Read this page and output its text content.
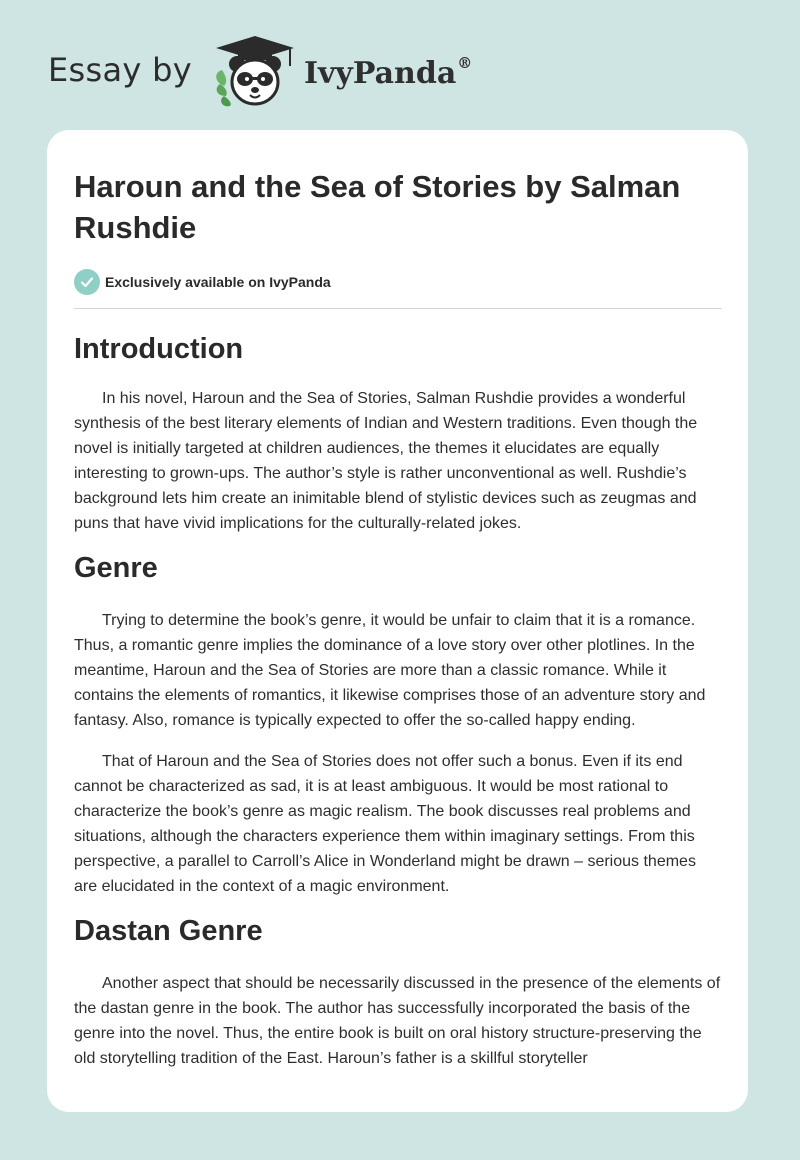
Essay by	IvyPanda®
Haroun and the Sea of Stories by Salman Rushdie
Exclusively available on IvyPanda
Introduction

In his novel, Haroun and the Sea of Stories, Salman Rushdie provides a wonderful synthesis of the best literary elements of Indian and Western traditions. Even though the novel is initially targeted at children audiences, the themes it elucidates are equally interesting to grown-ups. The author’s style is rather unconventional as well. Rushdie’s background lets him create an inimitable blend of stylistic devices such as zeugmas and puns that have vivid implications for the culturally-related jokes.

Genre

Trying to determine the book’s genre, it would be unfair to claim that it is a romance. Thus, a romantic genre implies the dominance of a love story over other plotlines. In the meantime, Haroun and the Sea of Stories are more than a classic romance. While it contains the elements of romantics, it likewise comprises those of an adventure story and fantasy. Also, romance is typically expected to offer the so-called happy ending.

That of Haroun and the Sea of Stories does not offer such a bonus. Even if its end cannot be characterized as sad, it is at least ambiguous. It would be most rational to characterize the book’s genre as magic realism. The book discusses real problems and situations, although the characters experience them within imaginary settings. From this perspective, a parallel to Carroll’s Alice in Wonderland might be drawn – serious themes are elucidated in the context of a magic environment.

Dastan Genre

Another aspect that should be necessarily discussed in the presence of the elements of the dastan genre in the book. The author has successfully incorporated the basis of the genre into the novel. Thus, the entire book is built on oral history structure-preserving the old storytelling tradition of the East. Haroun’s father is a skillful storyteller
